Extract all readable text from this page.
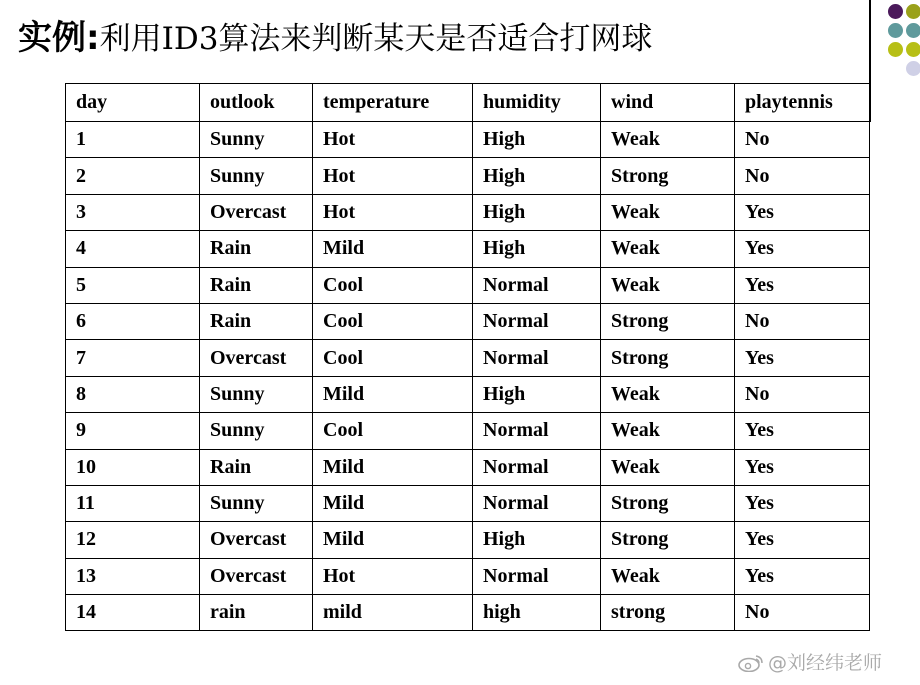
实例:利用ID3算法来判断某天是否适合打网球
day	outlook	temperature	humidity	wind	playtennis
1	Sunny	Hot	High	Weak	No
2	Sunny	Hot	High	Strong	No
3	Overcast	Hot	High	Weak	Yes
4	Rain	Mild	High	Weak	Yes
5	Rain	Cool	Normal	Weak	Yes
6	Rain	Cool	Normal	Strong	No
7	Overcast	Cool	Normal	Strong	Yes
8	Sunny	Mild	High	Weak	No
9	Sunny	Cool	Normal	Weak	Yes
10	Rain	Mild	Normal	Weak	Yes
11	Sunny	Mild	Normal	Strong	Yes
12	Overcast	Mild	High	Strong	Yes
13	Overcast	Hot	Normal	Weak	Yes
14	rain	mild	high	strong	No
@刘经纬老师
